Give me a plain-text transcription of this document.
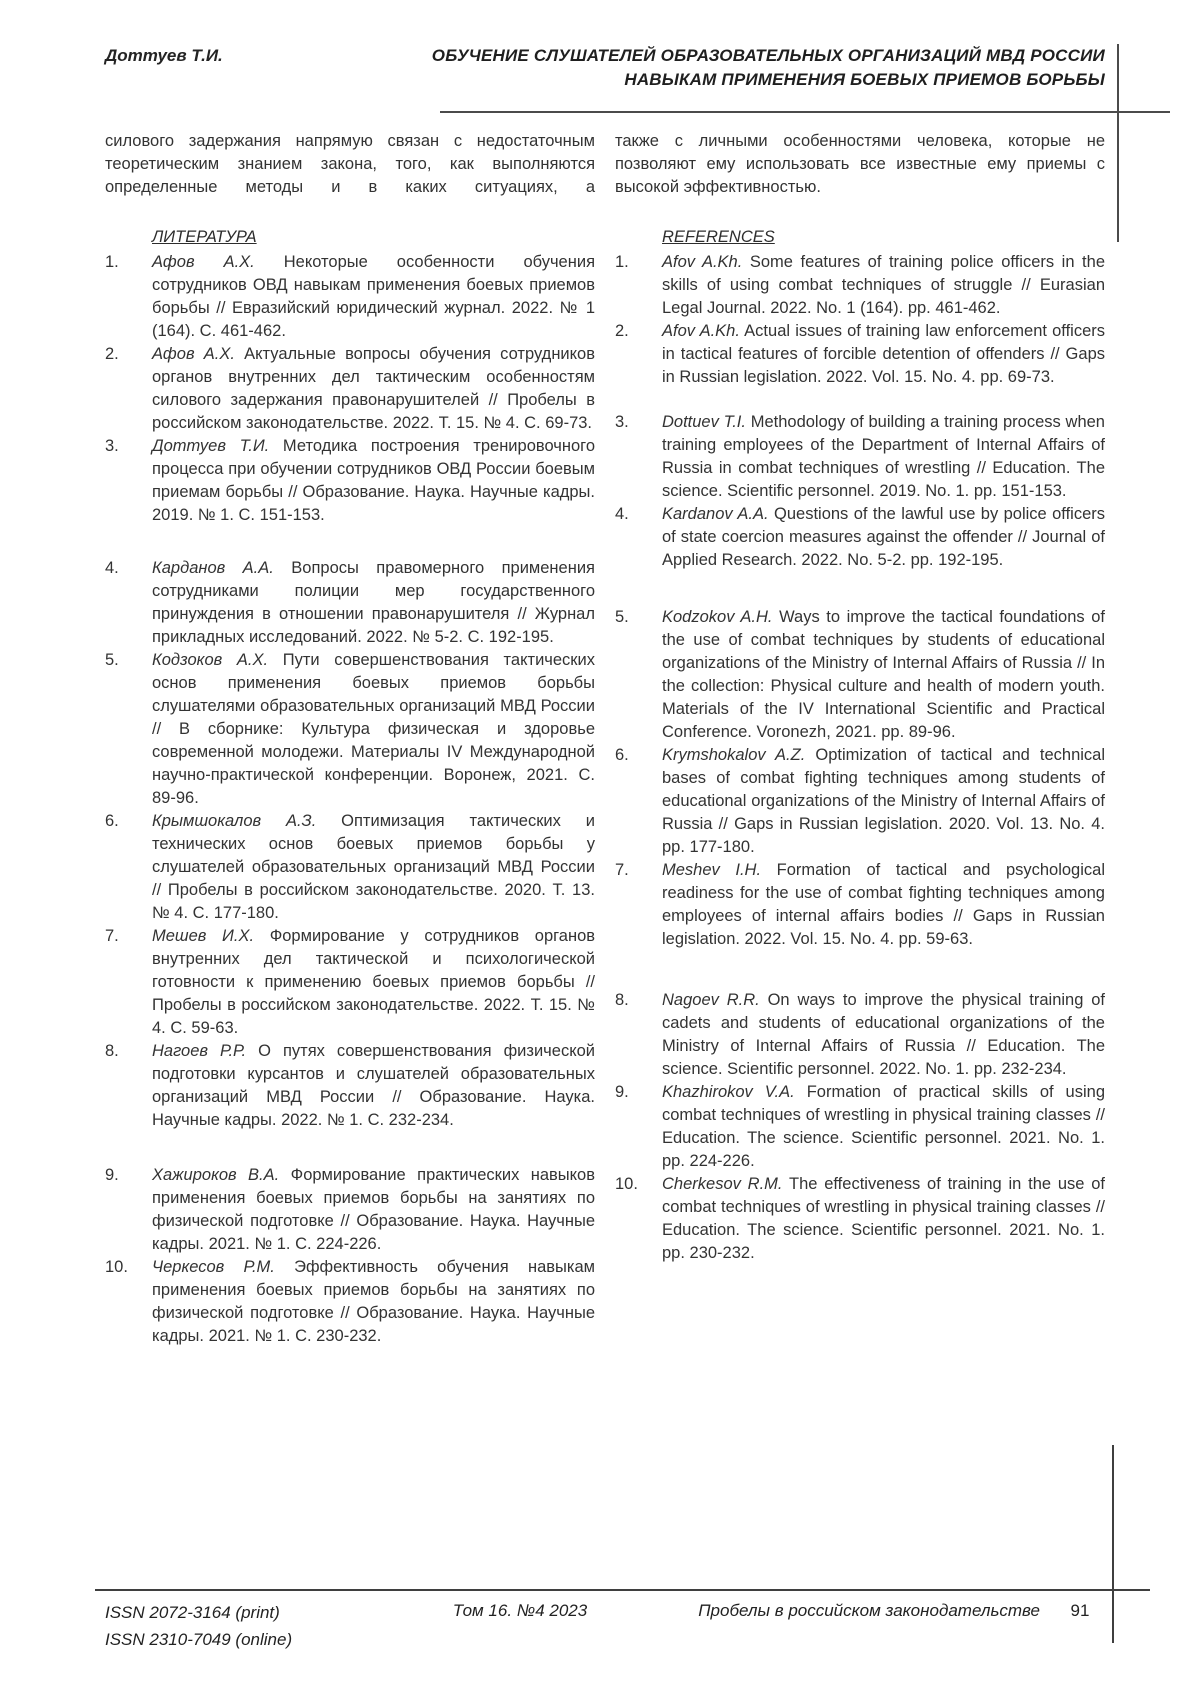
Доттуев Т.И.	ОБУЧЕНИЕ СЛУШАТЕЛЕЙ ОБРАЗОВАТЕЛЬНЫХ ОРГАНИЗАЦИЙ МВД РОССИИ
НАВЫКАМ ПРИМЕНЕНИЯ БОЕВЫХ ПРИЕМОВ БОРЬБЫ

силового задержания напрямую связан с недостаточным теоретическим знанием закона, того, как выполняются определенные методы и в каких ситуациях, а

ЛИТЕРАТУРА
1.	Афов А.Х. Некоторые особенности обучения сотрудников ОВД навыкам применения боевых приемов борьбы // Евразийский юридический журнал. 2022. № 1 (164). С. 461-462.
2.	Афов А.Х. Актуальные вопросы обучения сотрудников органов внутренних дел тактическим особенностям силового задержания правонарушителей // Пробелы в российском законодательстве. 2022. Т. 15. № 4. С. 69-73.
3.	Доттуев Т.И. Методика построения тренировочного процесса при обучении сотрудников ОВД России боевым приемам борьбы // Образование. Наука. Научные кадры. 2019. № 1. С. 151-153.
4.	Карданов А.А. Вопросы правомерного применения сотрудниками полиции мер государственного принуждения в отношении правонарушителя // Журнал прикладных исследований. 2022. № 5-2. С. 192-195.
5.	Кодзоков А.Х. Пути совершенствования тактических основ применения боевых приемов борьбы слушателями образовательных организаций МВД России // В сборнике: Культура физическая и здоровье современной молодежи. Материалы IV Международной научно-практической конференции. Воронеж, 2021. С. 89-96.
6.	Крымшокалов А.З. Оптимизация тактических и технических основ боевых приемов борьбы у слушателей образовательных организаций МВД России // Пробелы в российском законодательстве. 2020. Т. 13. № 4. С. 177-180.
7.	Мешев И.Х. Формирование у сотрудников органов внутренних дел тактической и психологической готовности к применению боевых приемов борьбы // Пробелы в российском законодательстве. 2022. Т. 15. № 4. С. 59-63.
8.	Нагоев Р.Р. О путях совершенствования физической подготовки курсантов и слушателей образовательных организаций МВД России // Образование. Наука. Научные кадры. 2022. № 1. С. 232-234.
9.	Хажироков В.А. Формирование практических навыков применения боевых приемов борьбы на занятиях по физической подготовке // Образование. Наука. Научные кадры. 2021. № 1. С. 224-226.
10.	Черкесов Р.М. Эффективность обучения навыкам применения боевых приемов борьбы на занятиях по физической подготовке // Образование. Наука. Научные кадры. 2021. № 1. С. 230-232.

также с личными особенностями человека, которые не позволяют ему использовать все известные ему приемы с высокой эффективностью.

REFERENCES
1.	Afov A.Kh. Some features of training police officers in the skills of using combat techniques of struggle // Eurasian Legal Journal. 2022. No. 1 (164). pp. 461-462.
2.	Afov A.Kh. Actual issues of training law enforcement officers in tactical features of forcible detention of offenders // Gaps in Russian legislation. 2022. Vol. 15. No. 4. pp. 69-73.
3.	Dottuev T.I. Methodology of building a training process when training employees of the Department of Internal Affairs of Russia in combat techniques of wrestling // Education. The science. Scientific personnel. 2019. No. 1. pp. 151-153.
4.	Kardanov A.A. Questions of the lawful use by police officers of state coercion measures against the offender // Journal of Applied Research. 2022. No. 5-2. pp. 192-195.
5.	Kodzokov A.H. Ways to improve the tactical foundations of the use of combat techniques by students of educational organizations of the Ministry of Internal Affairs of Russia // In the collection: Physical culture and health of modern youth. Materials of the IV International Scientific and Practical Conference. Voronezh, 2021. pp. 89-96.
6.	Krymshokalov A.Z. Optimization of tactical and technical bases of combat fighting techniques among students of educational organizations of the Ministry of Internal Affairs of Russia // Gaps in Russian legislation. 2020. Vol. 13. No. 4. pp. 177-180.
7.	Meshev I.H. Formation of tactical and psychological readiness for the use of combat fighting techniques among employees of internal affairs bodies // Gaps in Russian legislation. 2022. Vol. 15. No. 4. pp. 59-63.
8.	Nagoev R.R. On ways to improve the physical training of cadets and students of educational organizations of the Ministry of Internal Affairs of Russia // Education. The science. Scientific personnel. 2022. No. 1. pp. 232-234.
9.	Khazhirokov V.A. Formation of practical skills of using combat techniques of wrestling in physical training classes // Education. The science. Scientific personnel. 2021. No. 1. pp. 224-226.
10.	Cherkesov R.M. The effectiveness of training in the use of combat techniques of wrestling in physical training classes // Education. The science. Scientific personnel. 2021. No. 1. pp. 230-232.
ISSN 2072-3164 (print)
ISSN 2310-7049 (online)
Том 16. №4 2023	Пробелы в российском законодательстве	91
